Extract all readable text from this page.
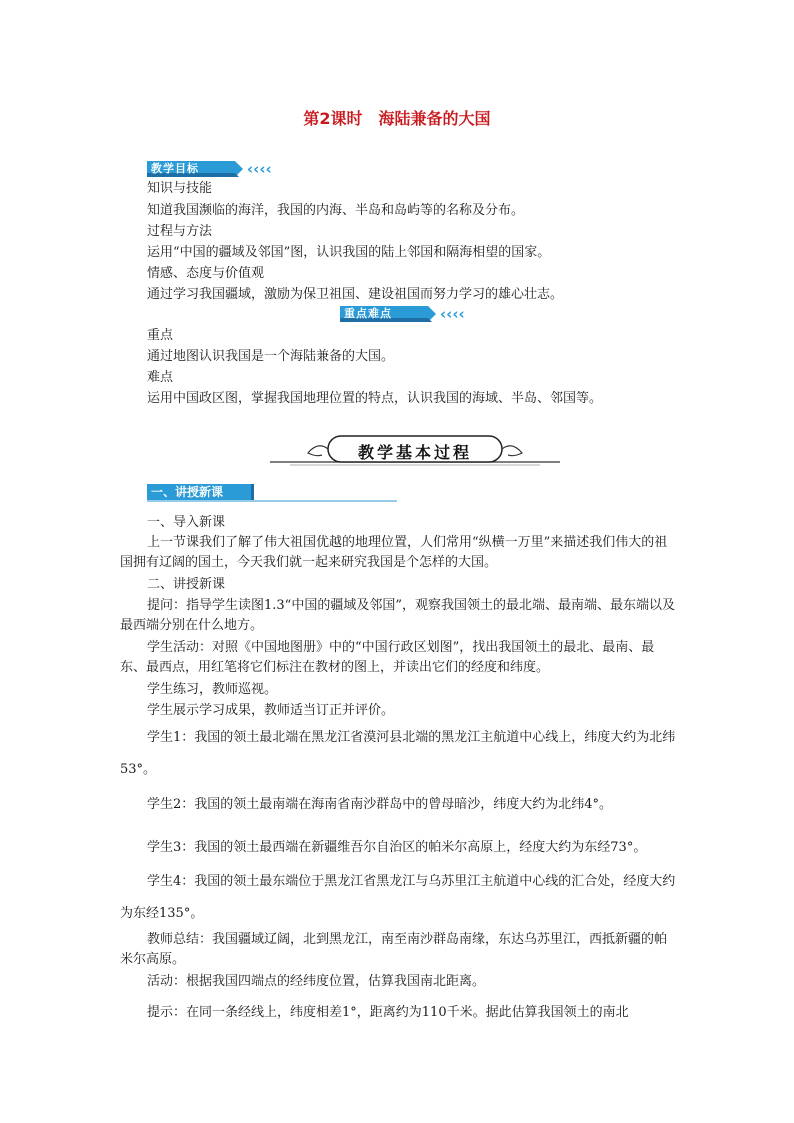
第2课时　海陆兼备的大国
教学目标	‹‹‹‹
知识与技能
知道我国濒临的海洋，我国的内海、半岛和岛屿等的名称及分布。
过程与方法
运用“中国的疆域及邻国”图，认识我国的陆上邻国和隔海相望的国家。
情感、态度与价值观
通过学习我国疆域，激励为保卫祖国、建设祖国而努力学习的雄心壮志。
重点难点	‹‹‹‹
重点
通过地图认识我国是一个海陆兼备的大国。
难点
运用中国政区图，掌握我国地理位置的特点，认识我国的海域、半岛、邻国等。
教学基本过程
一、讲授新课
一、导入新课
上一节课我们了解了伟大祖国优越的地理位置，人们常用“纵横一万里”来描述我们伟大的祖国拥有辽阔的国土，今天我们就一起来研究我国是个怎样的大国。
二、讲授新课
提问：指导学生读图1.3“中国的疆域及邻国”，观察我国领土的最北端、最南端、最东端以及最西端分别在什么地方。
学生活动：对照《中国地图册》中的“中国行政区划图”，找出我国领土的最北、最南、最东、最西点，用红笔将它们标注在教材的图上，并读出它们的经度和纬度。
学生练习，教师巡视。
学生展示学习成果，教师适当订正并评价。
学生1：我国的领土最北端在黑龙江省漠河县北端的黑龙江主航道中心线上，纬度大约为北纬53°。
学生2：我国的领土最南端在海南省南沙群岛中的曾母暗沙，纬度大约为北纬4°。
学生3：我国的领土最西端在新疆维吾尔自治区的帕米尔高原上，经度大约为东经73°。
学生4：我国的领土最东端位于黑龙江省黑龙江与乌苏里江主航道中心线的汇合处，经度大约为东经135°。
教师总结：我国疆域辽阔，北到黑龙江，南至南沙群岛南缘，东达乌苏里江，西抵新疆的帕米尔高原。
活动：根据我国四端点的经纬度位置，估算我国南北距离。
提示：在同一条经线上，纬度相差1°，距离约为110千米。据此估算我国领土的南北
